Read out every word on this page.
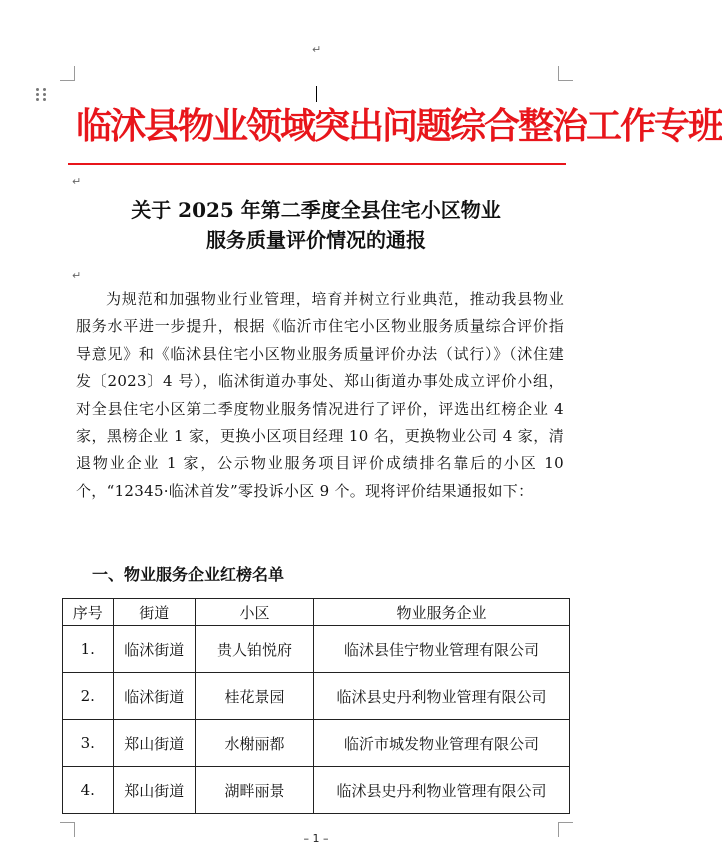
↵
临沭县物业领域突出问题综合整治工作专班
↵
关于 2025 年第二季度全县住宅小区物业
服务质量评价情况的通报
↵
为规范和加强物业行业管理，培育并树立行业典范，推动我县物业服务水平进一步提升，根据《临沂市住宅小区物业服务质量综合评价指导意见》和《临沭县住宅小区物业服务质量评价办法（试行）》（沭住建发〔2023〕4 号），临沭街道办事处、郑山街道办事处成立评价小组，对全县住宅小区第二季度物业服务情况进行了评价，评选出红榜企业 4 家，黑榜企业 1 家，更换小区项目经理 10 名，更换物业公司 4 家，清退物业企业 1 家，公示物业服务项目评价成绩排名靠后的小区 10 个，“12345·临沭首发”零投诉小区 9 个。现将评价结果通报如下：
一、物业服务企业红榜名单
序号	街道	小区	物业服务企业
1.	临沭街道	贵人铂悦府	临沭县佳宁物业管理有限公司
2.	临沭街道	桂花景园	临沭县史丹利物业管理有限公司
3.	郑山街道	水榭丽都	临沂市城发物业管理有限公司
4.	郑山街道	湖畔丽景	临沭县史丹利物业管理有限公司
– 1 –
